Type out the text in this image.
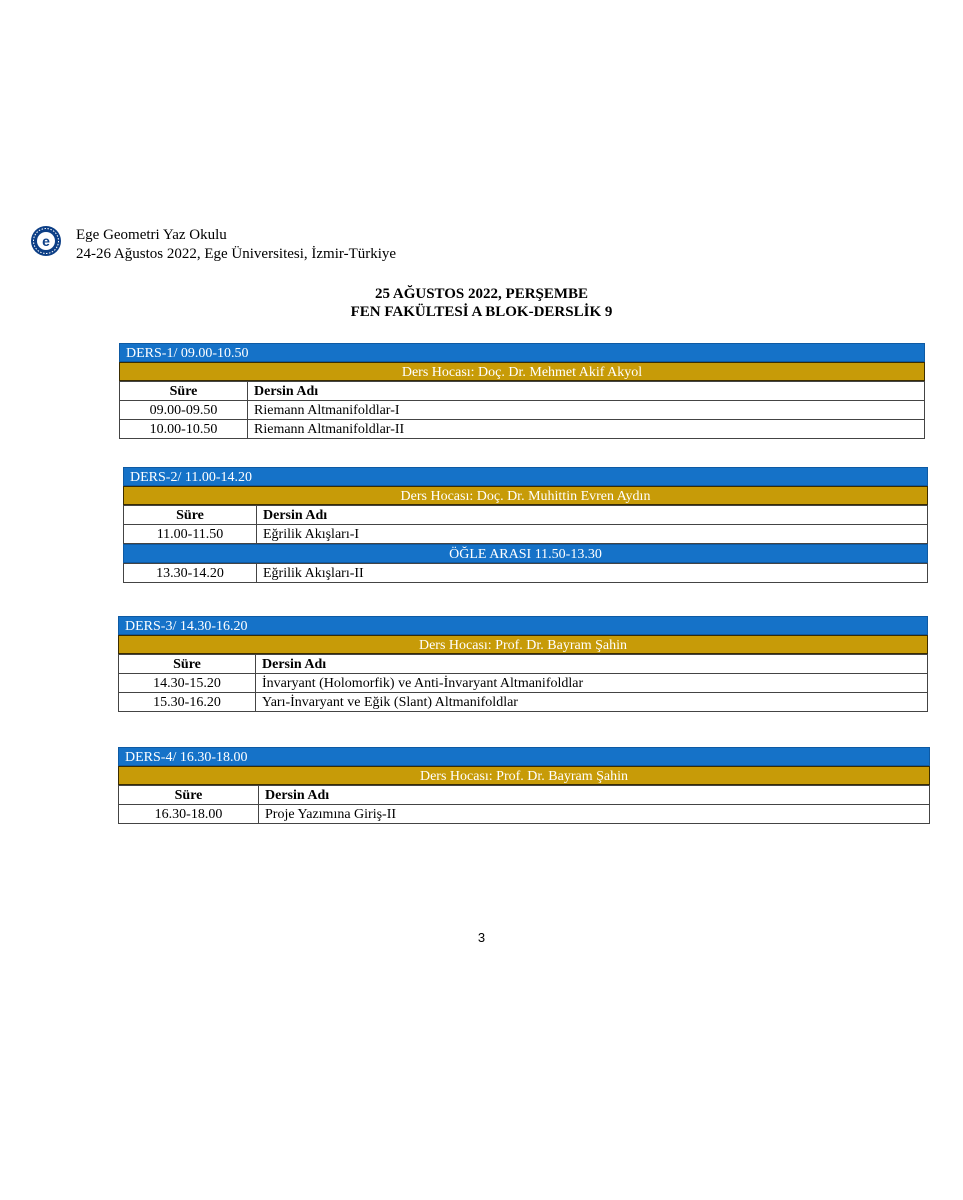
e Ege Geometri Yaz Okulu
24-26 Ağustos 2022, Ege Üniversitesi, İzmir-Türkiye
25 AĞUSTOS 2022, PERŞEMBE
FEN FAKÜLTESİ A BLOK-DERSLİK 9
DERS-1/ 09.00-10.50
Ders Hocası: Doç. Dr. Mehmet Akif Akyol
Süre	Dersin Adı
09.00-09.50	Riemann Altmanifoldlar-I
10.00-10.50	Riemann Altmanifoldlar-II
DERS-2/ 11.00-14.20
Ders Hocası: Doç. Dr. Muhittin Evren Aydın
Süre	Dersin Adı
11.00-11.50	Eğrilik Akışları-I
ÖĞLE ARASI 11.50-13.30
13.30-14.20	Eğrilik Akışları-II
DERS-3/ 14.30-16.20
Ders Hocası: Prof. Dr. Bayram Şahin
Süre	Dersin Adı
14.30-15.20	İnvaryant (Holomorfik) ve Anti-İnvaryant Altmanifoldlar
15.30-16.20	Yarı-İnvaryant ve Eğik (Slant) Altmanifoldlar
DERS-4/ 16.30-18.00
Ders Hocası: Prof. Dr. Bayram Şahin
Süre	Dersin Adı
16.30-18.00	Proje Yazımına Giriş-II
3
